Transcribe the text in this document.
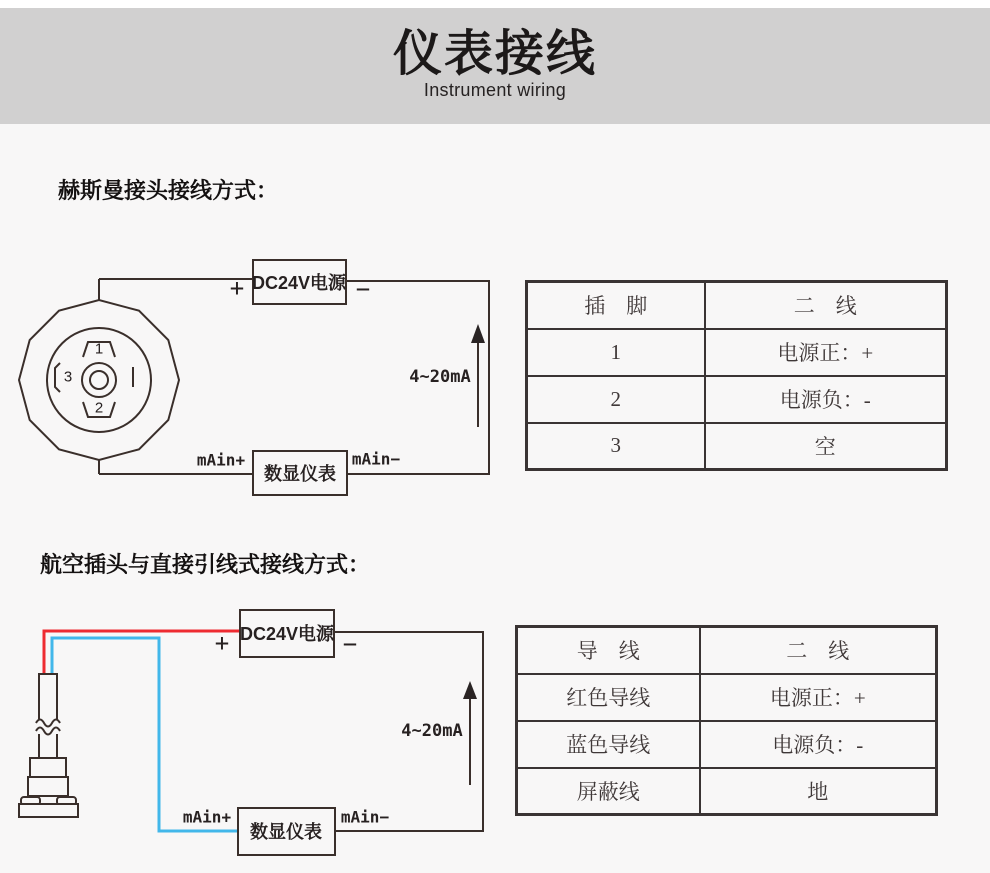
仪表接线
Instrument wiring
赫斯曼接头接线方式：
1
2
3
DC24V电源
+	−
4~20mA
数显仪表
mAin+	mAin−
插　脚	二　线
1	电源正：+
2	电源负：-
3	空
航空插头与直接引线式接线方式：
DC24V电源
+	−
4~20mA
数显仪表
mAin+	mAin−
导　线	二　线
红色导线	电源正：+
蓝色导线	电源负：-
屏蔽线	地
